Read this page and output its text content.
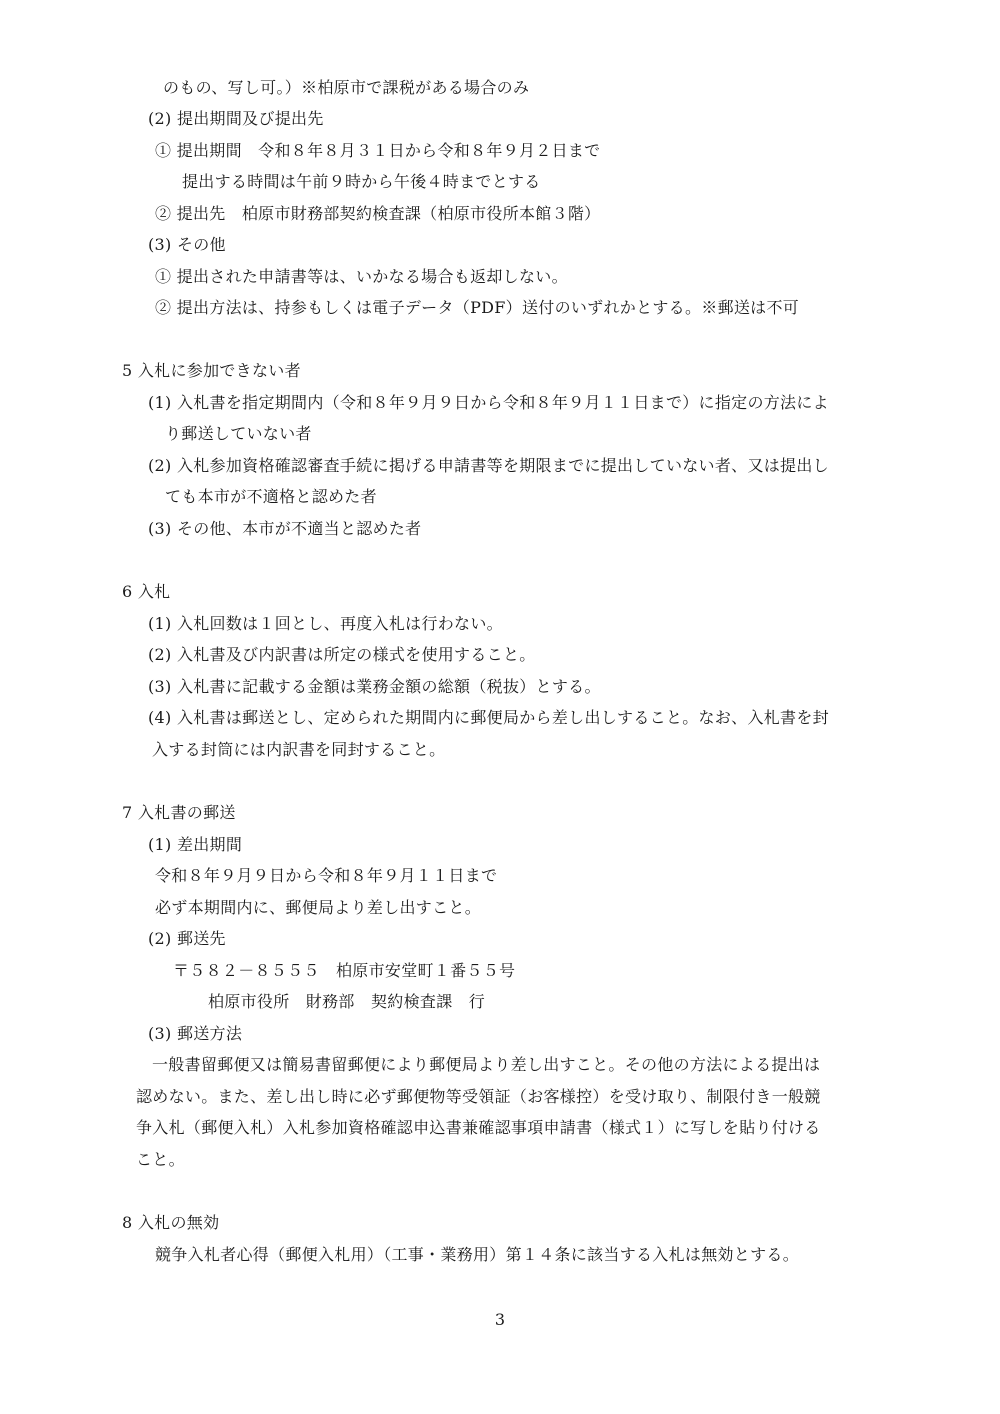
のもの、写し可。）※柏原市で課税がある場合のみ
(2) 提出期間及び提出先
① 提出期間　令和８年８月３１日から令和８年９月２日まで
提出する時間は午前９時から午後４時までとする
② 提出先　柏原市財務部契約検査課（柏原市役所本館３階）
(3) その他
① 提出された申請書等は、いかなる場合も返却しない。
② 提出方法は、持参もしくは電子データ（PDF）送付のいずれかとする。※郵送は不可
5 入札に参加できない者
(1) 入札書を指定期間内（令和８年９月９日から令和８年９月１１日まで）に指定の方法によ
り郵送していない者
(2) 入札参加資格確認審査手続に掲げる申請書等を期限までに提出していない者、又は提出し
ても本市が不適格と認めた者
(3) その他、本市が不適当と認めた者
6 入札
(1) 入札回数は１回とし、再度入札は行わない。
(2) 入札書及び内訳書は所定の様式を使用すること。
(3) 入札書に記載する金額は業務金額の総額（税抜）とする。
(4) 入札書は郵送とし、定められた期間内に郵便局から差し出しすること。なお、入札書を封
入する封筒には内訳書を同封すること。
7 入札書の郵送
(1) 差出期間
令和８年９月９日から令和８年９月１１日まで
必ず本期間内に、郵便局より差し出すこと。
(2) 郵送先
〒５８２－８５５５　柏原市安堂町１番５５号
柏原市役所　財務部　契約検査課　行
(3) 郵送方法
一般書留郵便又は簡易書留郵便により郵便局より差し出すこと。その他の方法による提出は
認めない。また、差し出し時に必ず郵便物等受領証（お客様控）を受け取り、制限付き一般競
争入札（郵便入札）入札参加資格確認申込書兼確認事項申請書（様式１）に写しを貼り付ける
こと。
8 入札の無効
競争入札者心得（郵便入札用）（工事・業務用）第１４条に該当する入札は無効とする。
3
